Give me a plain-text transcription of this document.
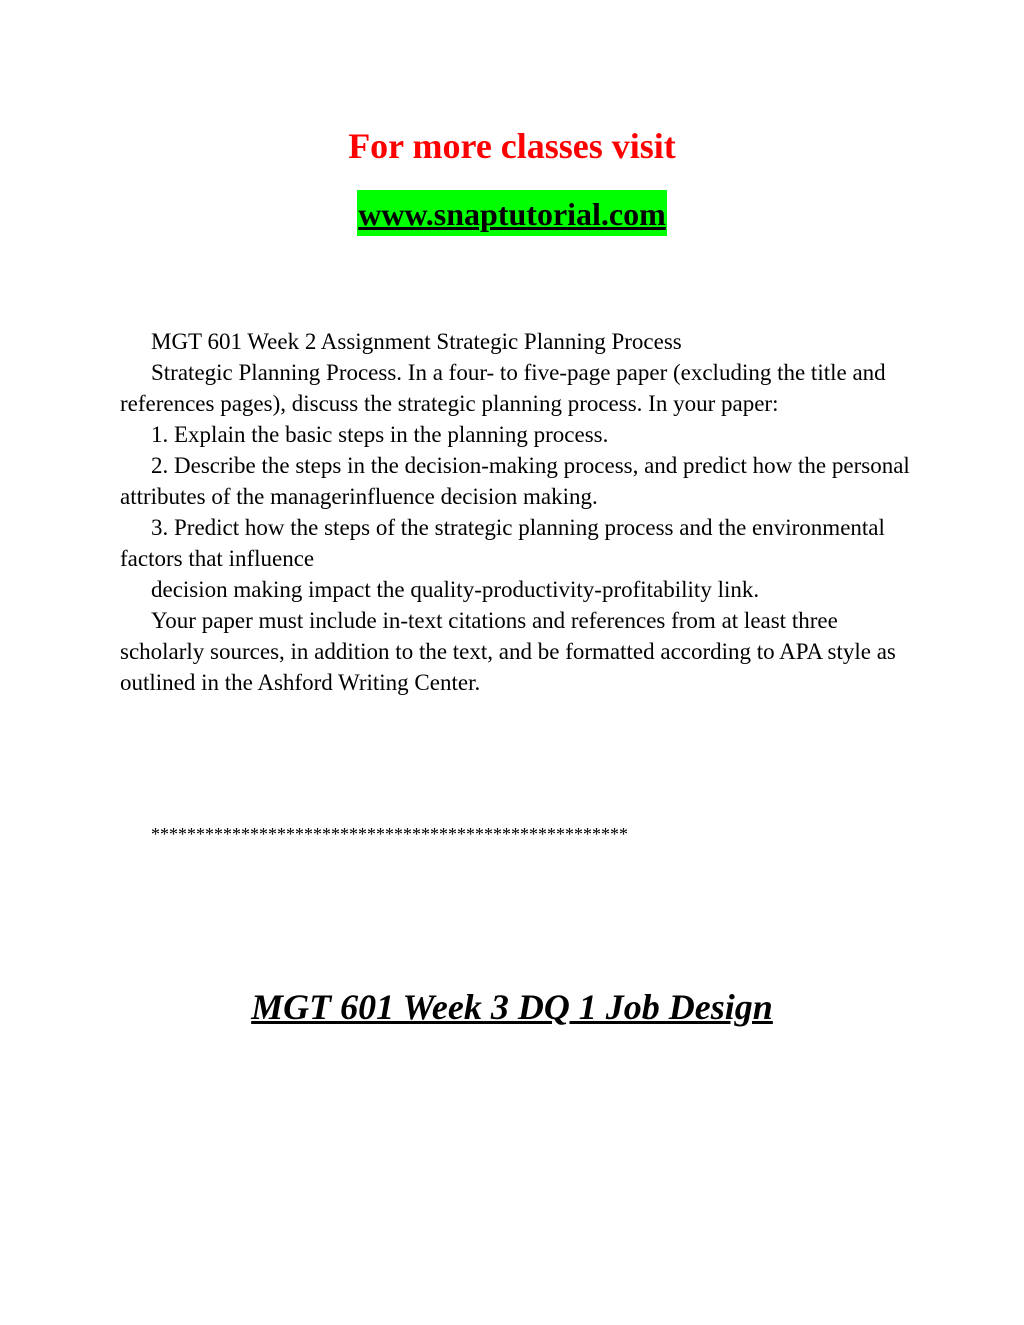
For more classes visit
www.snaptutorial.com

MGT 601 Week 2 Assignment Strategic Planning Process

Strategic Planning Process. In a four- to five-page paper (excluding the title and references pages), discuss the strategic planning process. In your paper:

1. Explain the basic steps in the planning process.

2. Describe the steps in the decision-making process, and predict how the personal attributes of the managerinfluence decision making.

3. Predict how the steps of the strategic planning process and the environmental factors that influence

decision making impact the quality-productivity-profitability link.

Your paper must include in-text citations and references from at least three scholarly sources, in addition to the text, and be formatted according to APA style as outlined in the Ashford Writing Center.

*****************************************************
MGT 601 Week 3 DQ 1 Job Design
